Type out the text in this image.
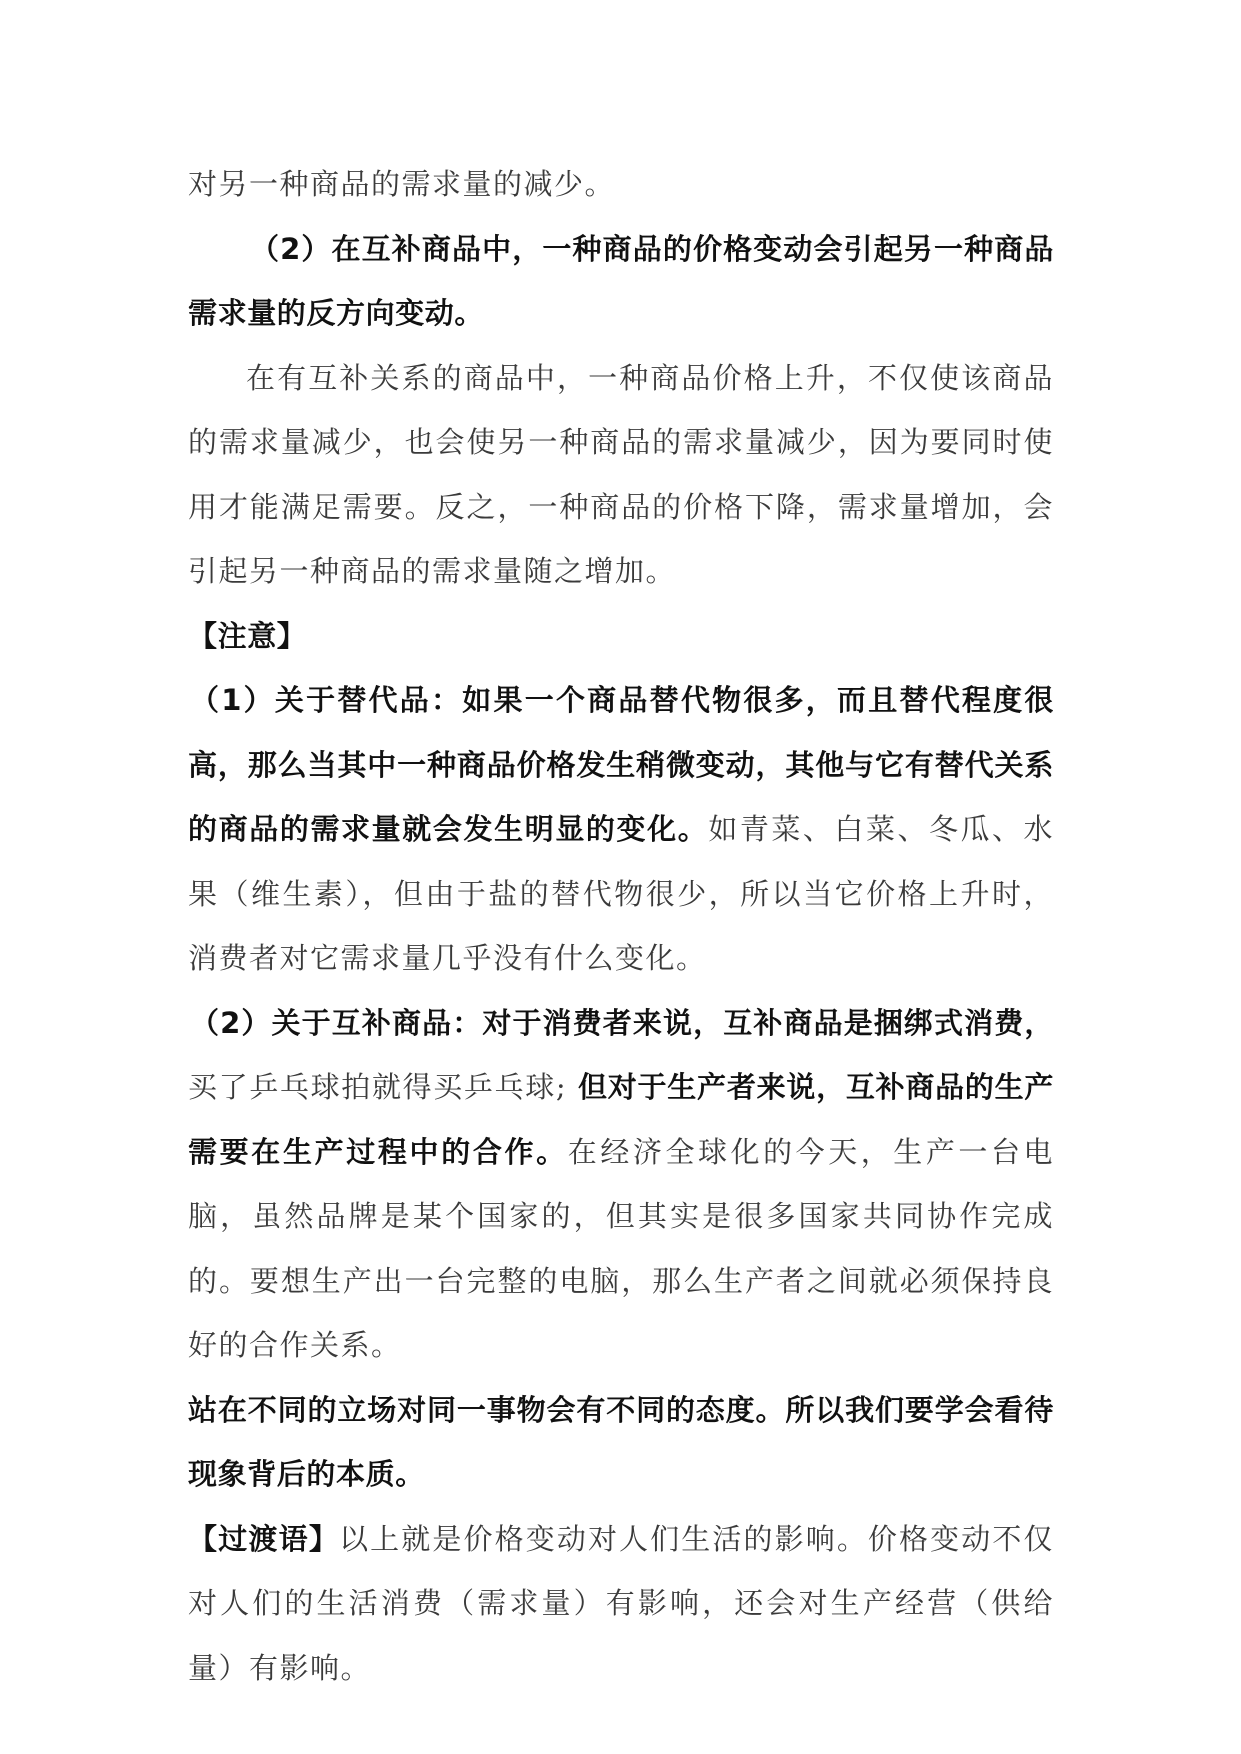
对另一种商品的需求量的减少。

（2）在互补商品中，一种商品的价格变动会引起另一种商品需求量的反方向变动。

在有互补关系的商品中，一种商品价格上升，不仅使该商品的需求量减少，也会使另一种商品的需求量减少，因为要同时使用才能满足需要。反之，一种商品的价格下降，需求量增加，会引起另一种商品的需求量随之增加。

【注意】

（1）关于替代品：如果一个商品替代物很多，而且替代程度很高，那么当其中一种商品价格发生稍微变动，其他与它有替代关系的商品的需求量就会发生明显的变化。如青菜、白菜、冬瓜、水果（维生素），但由于盐的替代物很少，所以当它价格上升时，消费者对它需求量几乎没有什么变化。

（2）关于互补商品：对于消费者来说，互补商品是捆绑式消费，买了乒乓球拍就得买乒乓球; 但对于生产者来说，互补商品的生产需要在生产过程中的合作。在经济全球化的今天，生产一台电脑，虽然品牌是某个国家的，但其实是很多国家共同协作完成的。要想生产出一台完整的电脑，那么生产者之间就必须保持良好的合作关系。

站在不同的立场对同一事物会有不同的态度。所以我们要学会看待现象背后的本质。

【过渡语】以上就是价格变动对人们生活的影响。价格变动不仅对人们的生活消费（需求量）有影响，还会对生产经营（供给量）有影响。
